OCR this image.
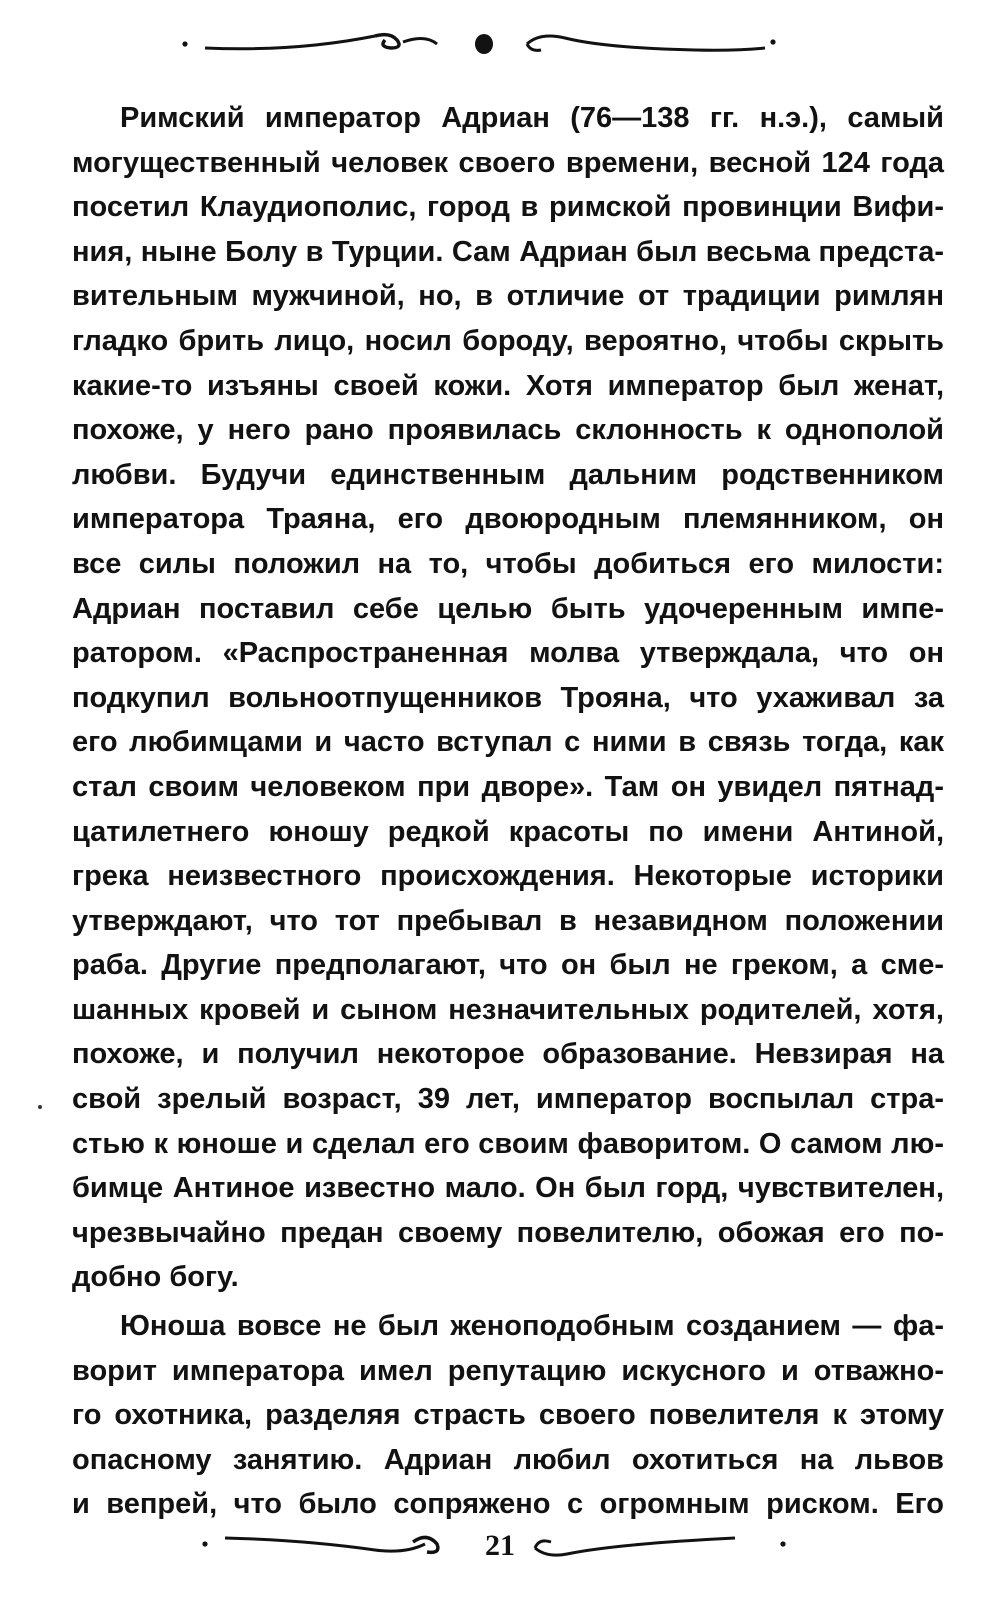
Римский император Адриан (76—138 гг. н.э.), самый
могущественный человек своего времени, весной 124 года
посетил Клаудиополис, город в римской провинции Вифи-
ния, ныне Болу в Турции. Сам Адриан был весьма предста-
вительным мужчиной, но, в отличие от традиции римлян
гладко брить лицо, носил бороду, вероятно, чтобы скрыть
какие-то изъяны своей кожи. Хотя император был женат,
похоже, у него рано проявилась склонность к однополой
любви. Будучи единственным дальним родственником
императора Траяна, его двоюродным племянником, он
все силы положил на то, чтобы добиться его милости:
Адриан поставил себе целью быть удочеренным импе-
ратором. «Распространенная молва утверждала, что он
подкупил вольноотпущенников Трояна, что ухаживал за
его любимцами и часто вступал с ними в связь тогда, как
стал своим человеком при дворе». Там он увидел пятнад-
цатилетнего юношу редкой красоты по имени Антиной,
грека неизвестного происхождения. Некоторые историки
утверждают, что тот пребывал в незавидном положении
раба. Другие предполагают, что он был не греком, а сме-
шанных кровей и сыном незначительных родителей, хотя,
похоже, и получил некоторое образование. Невзирая на
свой зрелый возраст, 39 лет, император воспылал стра-
стью к юноше и сделал его своим фаворитом. О самом лю-
бимце Антиное известно мало. Он был горд, чувствителен,
чрезвычайно предан своему повелителю, обожая его по-
добно богу.
Юноша вовсе не был женоподобным созданием — фа-
ворит императора имел репутацию искусного и отважно-
го охотника, разделяя страсть своего повелителя к этому
опасному занятию. Адриан любил охотиться на львов
и вепрей, что было сопряжено с огромным риском. Его
21
